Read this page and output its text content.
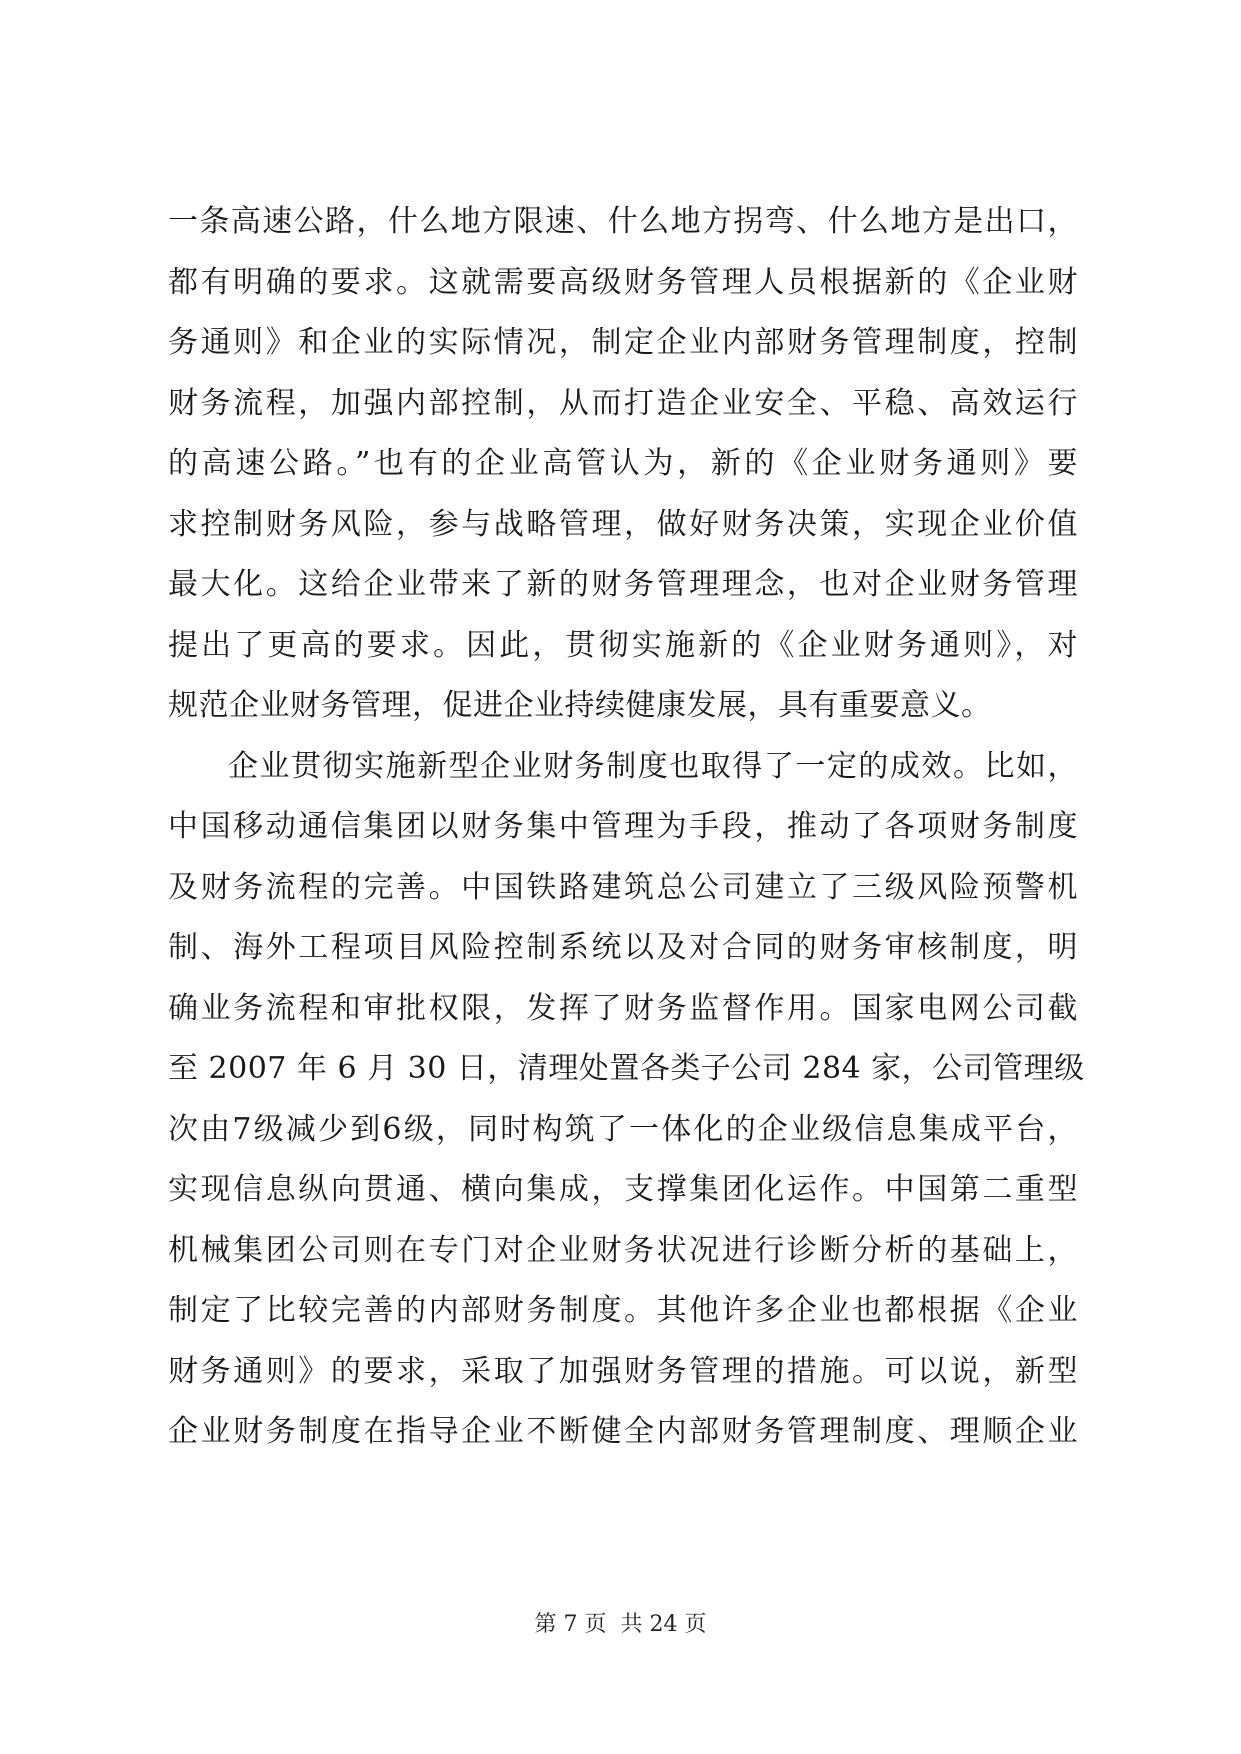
一条高速公路，什么地方限速、什么地方拐弯、什么地方是出口，
都有明确的要求。这就需要高级财务管理人员根据新的《企业财
务通则》和企业的实际情况，制定企业内部财务管理制度，控制
财务流程，加强内部控制，从而打造企业安全、平稳、高效运行
的高速公路。”也有的企业高管认为，新的《企业财务通则》要
求控制财务风险，参与战略管理，做好财务决策，实现企业价值
最大化。这给企业带来了新的财务管理理念，也对企业财务管理
提出了更高的要求。因此，贯彻实施新的《企业财务通则》，对
规范企业财务管理，促进企业持续健康发展，具有重要意义。
企业贯彻实施新型企业财务制度也取得了一定的成效。比如，
中国移动通信集团以财务集中管理为手段，推动了各项财务制度
及财务流程的完善。中国铁路建筑总公司建立了三级风险预警机
制、海外工程项目风险控制系统以及对合同的财务审核制度，明
确业务流程和审批权限，发挥了财务监督作用。国家电网公司截
至 2007 年 6 月 30 日，清理处置各类子公司 284 家，公司管理级
次由7级减少到6级，同时构筑了一体化的企业级信息集成平台，
实现信息纵向贯通、横向集成，支撑集团化运作。中国第二重型
机械集团公司则在专门对企业财务状况进行诊断分析的基础上，
制定了比较完善的内部财务制度。其他许多企业也都根据《企业
财务通则》的要求，采取了加强财务管理的措施。可以说，新型
企业财务制度在指导企业不断健全内部财务管理制度、理顺企业
第 7 页  共 24 页
